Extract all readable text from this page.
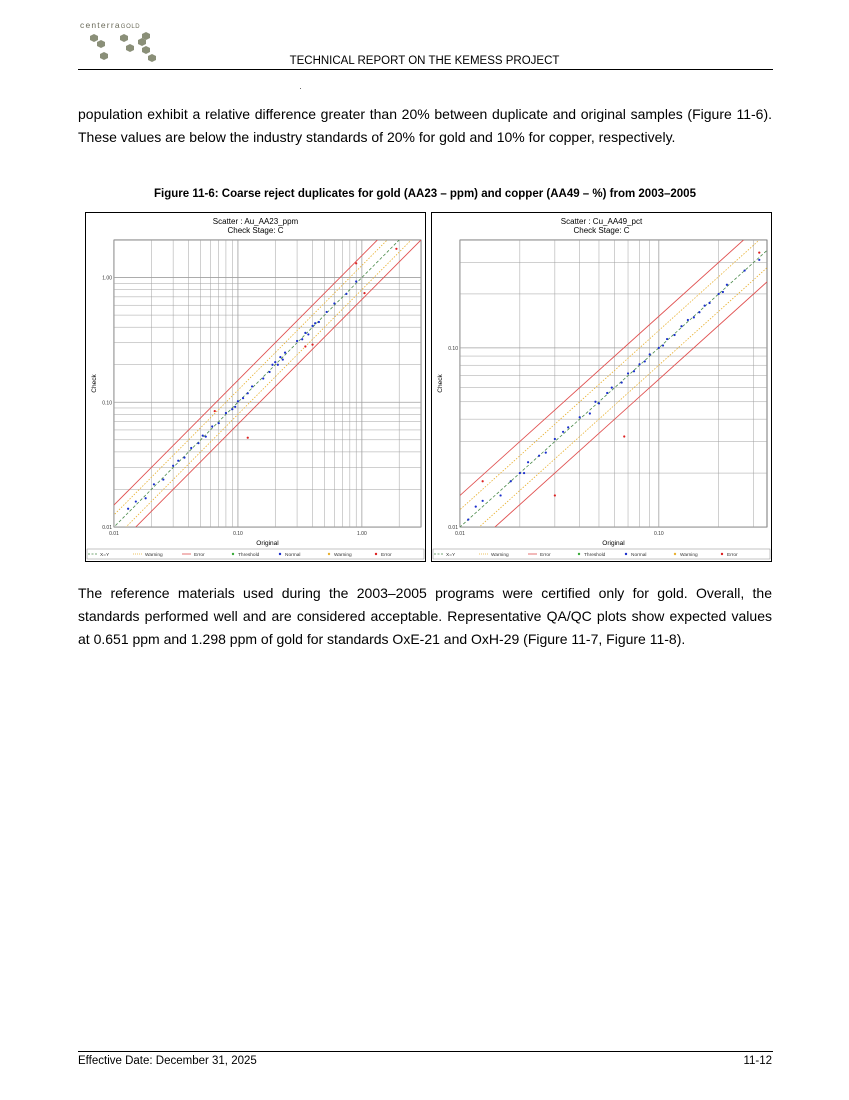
centerraGOLD
TECHNICAL REPORT ON THE KEMESS PROJECT
population exhibit a relative difference greater than 20% between duplicate and original samples (Figure 11-6). These values are below the industry standards of 20% for gold and 10% for copper, respectively.
Figure 11-6: Coarse reject duplicates for gold (AA23 – ppm) and copper (AA49 – %) from 2003–2005
Scatter : Au_AA23_ppm
Check Stage: C
0.01	0.10	1.00
0.01
0.10
1.00
Original
Check
X=Y	Warning	Error	Threshold	Normal	Warning	Error
Scatter : Cu_AA49_pct
Check Stage: C
0.01	0.10
0.01
0.10
Original
Check
X=Y	Warning	Error	Threshold	Normal	Warning	Error
The reference materials used during the 2003–2005 programs were certified only for gold. Overall, the standards performed well and are considered acceptable. Representative QA/QC plots show expected values at 0.651 ppm and 1.298 ppm of gold for standards OxE-21 and OxH-29 (Figure 11-7, Figure 11-8).
Effective Date: December 31, 2025	11-12
